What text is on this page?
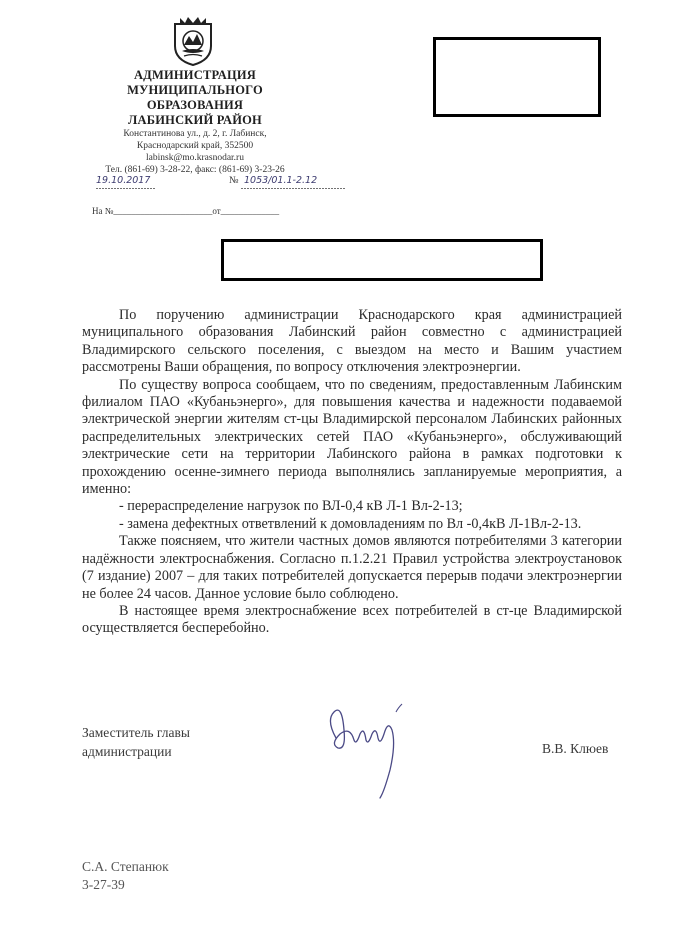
АДМИНИСТРАЦИЯ
МУНИЦИПАЛЬНОГО
ОБРАЗОВАНИЯ
ЛАБИНСКИЙ РАЙОН
Константинова ул., д. 2, г. Лабинск,
Краснодарский край, 352500
labinsk@mo.krasnodar.ru
Тел. (861-69) 3-28-22, факс: (861-69) 3-23-26
19.10.2017	№ 1053/01.1-2.12
На №______________________от_____________

По поручению администрации Краснодарского края администрацией муниципального образования Лабинский район совместно с администрацией Владимирского сельского поселения, с выездом на место и Вашим участием рассмотрены Ваши обращения, по вопросу отключения электроэнергии.

По существу вопроса сообщаем, что по сведениям, предоставленным Лабинским филиалом ПАО «Кубаньэнерго», для повышения качества и надежности подаваемой электрической энергии жителям ст-цы Владимирской персоналом Лабинских районных распределительных электрических сетей ПАО «Кубаньэнерго», обслуживающий электрические сети на территории Лабинского района в рамках подготовки к прохождению осенне-зимнего периода выполнялись запланируемые мероприятия, а именно:

- перераспределение нагрузок по ВЛ-0,4 кВ Л-1 Вл-2-13;

- замена дефектных ответвлений к домовладениям по Вл -0,4кВ Л-1Вл-2-13.

Также поясняем, что жители частных домов являются потребителями 3 категории надёжности электроснабжения. Согласно п.1.2.21 Правил устройства электроустановок (7 издание) 2007 – для таких потребителей допускается перерыв подачи электроэнергии не более 24 часов. Данное условие было соблюдено.

В настоящее время электроснабжение всех потребителей в ст-це Владимирской осуществляется бесперебойно.

Заместитель главы
администрации	В.В. Клюев
С.А. Степанюк
3-27-39
